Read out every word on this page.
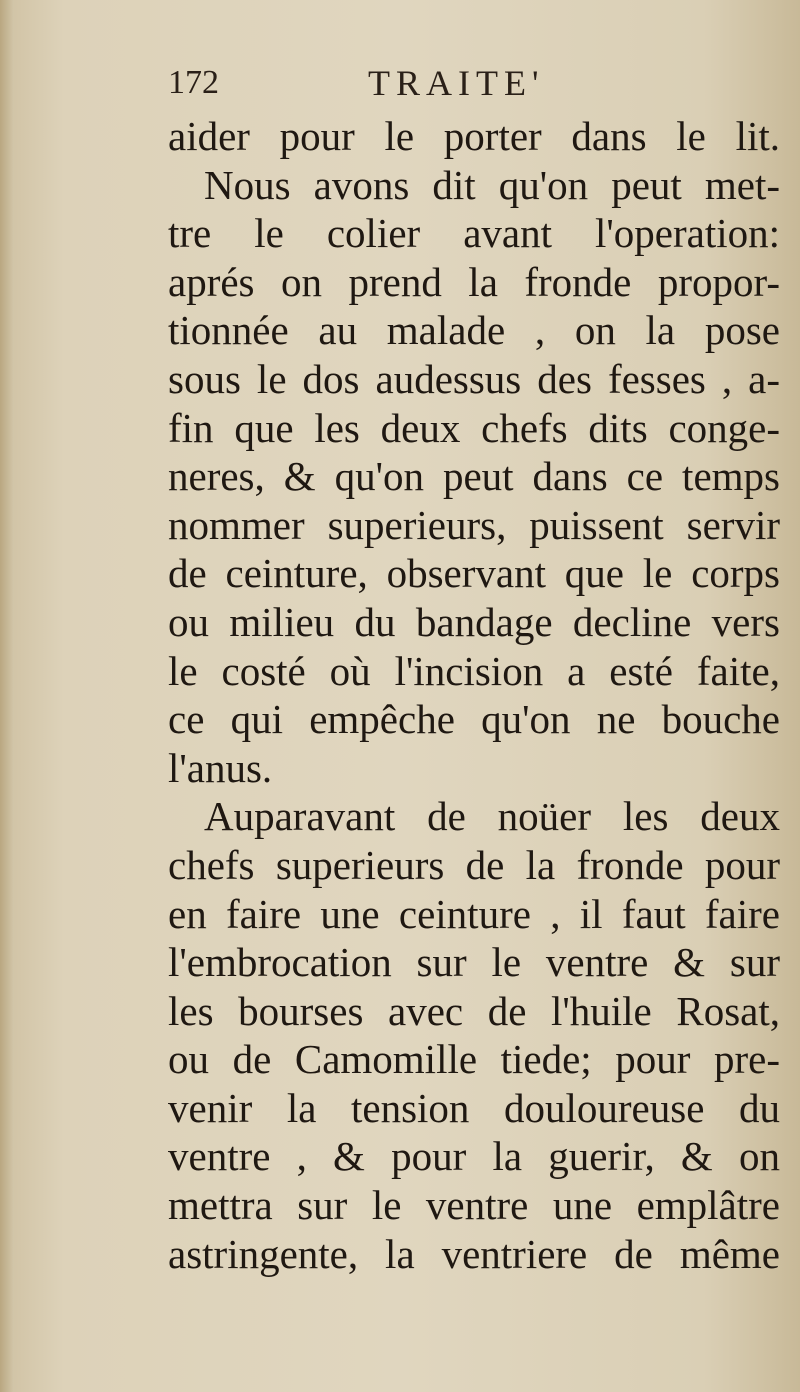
172	TRAITE'
aider pour le porter dans le lit.
Nous avons dit qu'on peut met-
tre le colier avant l'operation:
aprés on prend la fronde propor-
tionnée au malade , on la pose
sous le dos audessus des fesses , a-
fin que les deux chefs dits conge-
neres, & qu'on peut dans ce temps
nommer superieurs, puissent servir
de ceinture, observant que le corps
ou milieu du bandage decline vers
le costé où l'incision a esté faite,
ce qui empêche qu'on ne bouche
l'anus.
Auparavant de noüer les deux
chefs superieurs de la fronde pour
en faire une ceinture , il faut faire
l'embrocation sur le ventre & sur
les bourses avec de l'huile Rosat,
ou de Camomille tiede; pour pre-
venir la tension douloureuse du
ventre , & pour la guerir, & on
mettra sur le ventre une emplâtre
astringente, la ventriere de même
